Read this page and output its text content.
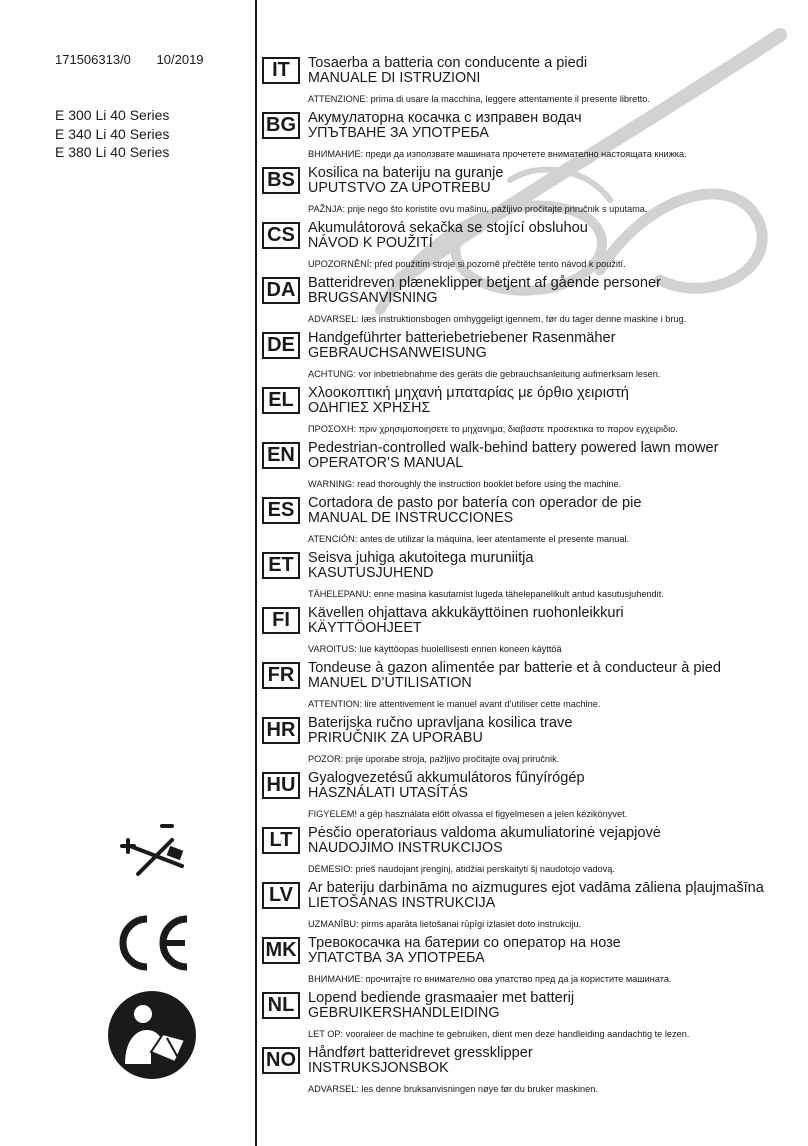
171506313/0 10/2019
E 300 Li 40 Series
E 340 Li 40 Series
E 380 Li 40 Series
IT	Tosaerba a batteria con conducente a piedi
MANUALE DI ISTRUZIONI
ATTENZIONE: prima di usare la macchina, leggere attentamente il presente libretto.
BG Акумулаторна косачка с изправен водач
УПЪТВАНЕ ЗА УПОТРЕБА
ВНИМАНИЕ: преди да използвате машината прочетете внимателно настоящата книжка.
BS Kosilica na bateriju na guranje
UPUTSTVO ZA UPOTREBU
PAŽNJA: prije nego što koristite ovu mašinu, pažljivo pročitajte priručnik s uputama.
CS Akumulátorová sekačka se stojící obsluhou
NÁVOD K POUŽITÍ
UPOZORNĚNÍ: před použitím stroje si pozorně přečtěte tento návod k použití.
DA Batteridreven plæneklipper betjent af gående personer
BRUGSANVISNING
ADVARSEL: læs instruktionsbogen omhyggeligt igennem, før du tager denne maskine i brug.
DE Handgeführter batteriebetriebener Rasenmäher
GEBRAUCHSANWEISUNG
ACHTUNG: vor inbetriebnahme des geräts die gebrauchsanleitung aufmerksam lesen.
EL Χλοοκοπτική μηχανή μπαταρίας με όρθιο χειριστή
ΟΔΗΓΙΕΣ ΧΡΗΣΗΣ
ΠΡΟΣΟΧΗ: πριν χρησιμοποιησετε το μηχανημα, διαβαστε προσεκτικα το παρον εγχειριδιο.
EN Pedestrian-controlled walk-behind battery powered lawn mower
OPERATOR’S MANUAL
WARNING: read thoroughly the instruction booklet before using the machine.
ES Cortadora de pasto por batería con operador de pie
MANUAL DE INSTRUCCIONES
ATENCIÓN: antes de utilizar la máquina, leer atentamente el presente manual.
ET Seisva juhiga akutoitega muruniitja
KASUTUSJUHEND
TÄHELEPANU: enne masina kasutamist lugeda tähelepanelikult antud kasutusjuhendit.
FI	Kävellen ohjattava akkukäyttöinen ruohonleikkuri
KÄYTTÖOHJEET
VAROITUS: lue käyttöopas huolellisesti ennen koneen käyttöä
FR Tondeuse à gazon alimentée par batterie et à conducteur à pied
MANUEL D’UTILISATION
ATTENTION: lire attentivement le manuel avant d’utiliser cette machine.
HR Baterijska ručno upravljana kosilica trave
PRIRUČNIK ZA UPORABU
POZOR: prije uporabe stroja, pažljivo pročitajte ovaj priručnik.
HU Gyalogvezetésű akkumulátoros fűnyírógép
HASZNÁLATI UTASÍTÁS
FIGYELEM! a gép használata előtt olvassa el figyelmesen a jelen kézikönyvet.
LT	Pėsčio operatoriaus valdoma akumuliatorinė vejapjovė
NAUDOJIMO INSTRUKCIJOS
DĖMESIO: prieš naudojant įrenginį, atidžiai perskaityti šį naudotojo vadovą.
LV	Ar bateriju darbināma no aizmugures ejot vadāma zāliena pļaujmašīna
LIETOŠANAS INSTRUKCIJA
UZMANĪBU: pirms aparāta lietošanai rūpīgi izlasiet doto instrukciju.
MK Тревокосачка на батерии со оператор на нозе
УПАТСТВА ЗА УПОТРЕБА
ВНИМАНИЕ: прочитајте го внимателно ова упатство пред да ја користите машината.
NL Lopend bediende grasmaaier met batterij
GEBRUIKERSHANDLEIDING
LET OP: vooraleer de machine te gebruiken, dient men deze handleiding aandachtig te lezen.
NO Håndført batteridrevet gressklipper
INSTRUKSJONSBOK
ADVARSEL: les denne bruksanvisningen nøye før du bruker maskinen.
